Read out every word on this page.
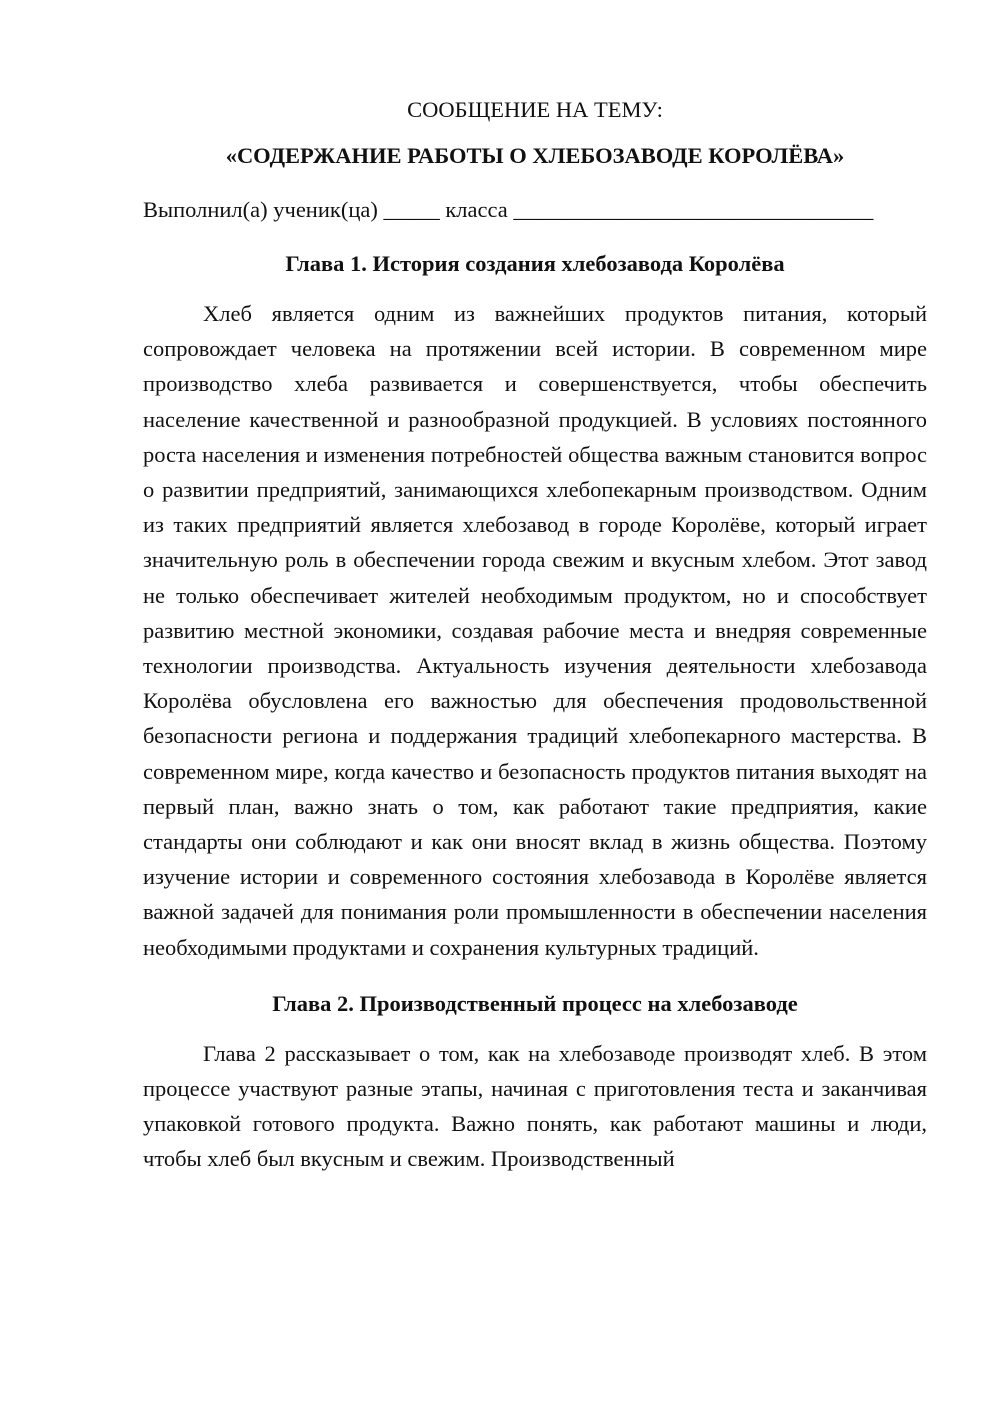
СООБЩЕНИЕ НА ТЕМУ:
«СОДЕРЖАНИЕ РАБОТЫ О ХЛЕБОЗАВОДЕ КОРОЛЁВА»
Выполнил(а) ученик(ца) _____ класса ________________________________
Глава 1. История создания хлебозавода Королёва

Хлеб является одним из важнейших продуктов питания, который сопровождает человека на протяжении всей истории. В современном мире производство хлеба развивается и совершенствуется, чтобы обеспечить население качественной и разнообразной продукцией. В условиях постоянного роста населения и изменения потребностей общества важным становится вопрос о развитии предприятий, занимающихся хлебопекарным производством. Одним из таких предприятий является хлебозавод в городе Королёве, который играет значительную роль в обеспечении города свежим и вкусным хлебом. Этот завод не только обеспечивает жителей необходимым продуктом, но и способствует развитию местной экономики, создавая рабочие места и внедряя современные технологии производства. Актуальность изучения деятельности хлебозавода Королёва обусловлена его важностью для обеспечения продовольственной безопасности региона и поддержания традиций хлебопекарного мастерства. В современном мире, когда качество и безопасность продуктов питания выходят на первый план, важно знать о том, как работают такие предприятия, какие стандарты они соблюдают и как они вносят вклад в жизнь общества. Поэтому изучение истории и современного состояния хлебозавода в Королёве является важной задачей для понимания роли промышленности в обеспечении населения необходимыми продуктами и сохранения культурных традиций.

Глава 2. Производственный процесс на хлебозаводе

Глава 2 рассказывает о том, как на хлебозаводе производят хлеб. В этом процессе участвуют разные этапы, начиная с приготовления теста и заканчивая упаковкой готового продукта. Важно понять, как работают машины и люди, чтобы хлеб был вкусным и свежим. Производственный
